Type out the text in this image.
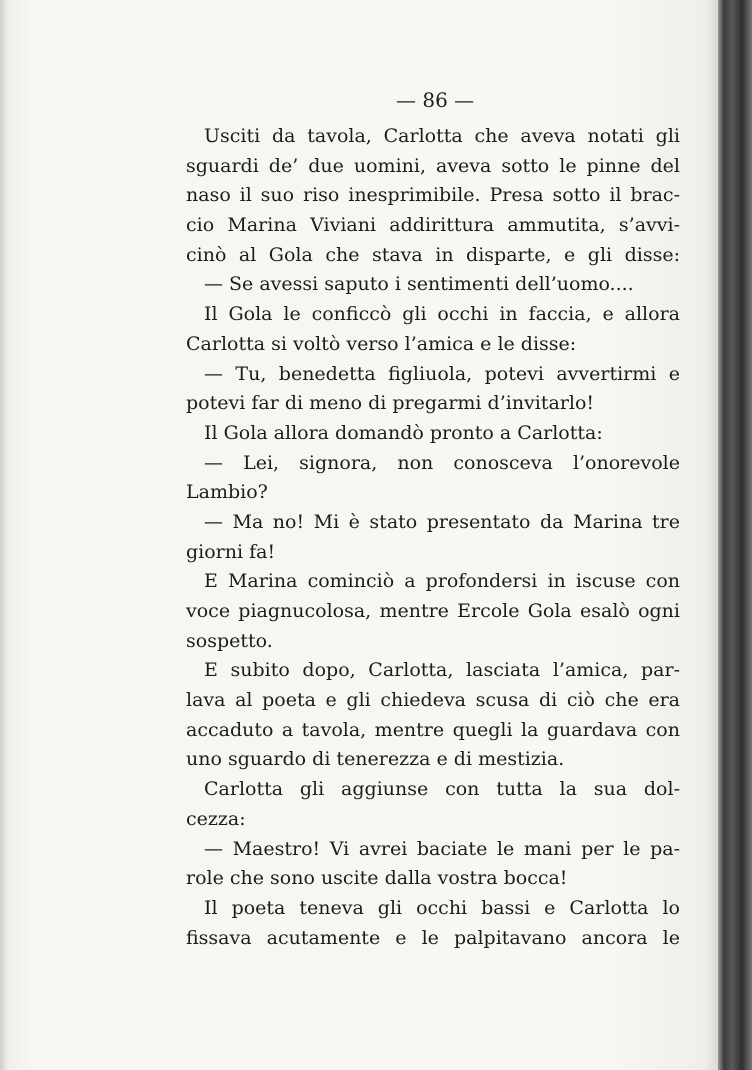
— 86 —
Usciti da tavola, Carlotta che aveva notati gli
sguardi de’ due uomini, aveva sotto le pinne del
naso il suo riso inesprimibile. Presa sotto il brac-
cio Marina Viviani addirittura ammutita, s’avvi-
cinò al Gola che stava in disparte, e gli disse:
— Se avessi saputo i sentimenti dell’uomo....
Il Gola le conficcò gli occhi in faccia, e allora
Carlotta si voltò verso l’amica e le disse:
— Tu, benedetta figliuola, potevi avvertirmi e
potevi far di meno di pregarmi d’invitarlo!
Il Gola allora domandò pronto a Carlotta:
— Lei, signora, non conosceva l’onorevole
Lambio?
— Ma no! Mi è stato presentato da Marina tre
giorni fa!
E Marina cominciò a profondersi in iscuse con
voce piagnucolosa, mentre Ercole Gola esalò ogni
sospetto.
E subito dopo, Carlotta, lasciata l’amica, par-
lava al poeta e gli chiedeva scusa di ciò che era
accaduto a tavola, mentre quegli la guardava con
uno sguardo di tenerezza e di mestizia.
Carlotta gli aggiunse con tutta la sua dol-
cezza:
— Maestro! Vi avrei baciate le mani per le pa-
role che sono uscite dalla vostra bocca!
Il poeta teneva gli occhi bassi e Carlotta lo
fissava acutamente e le palpitavano ancora le
